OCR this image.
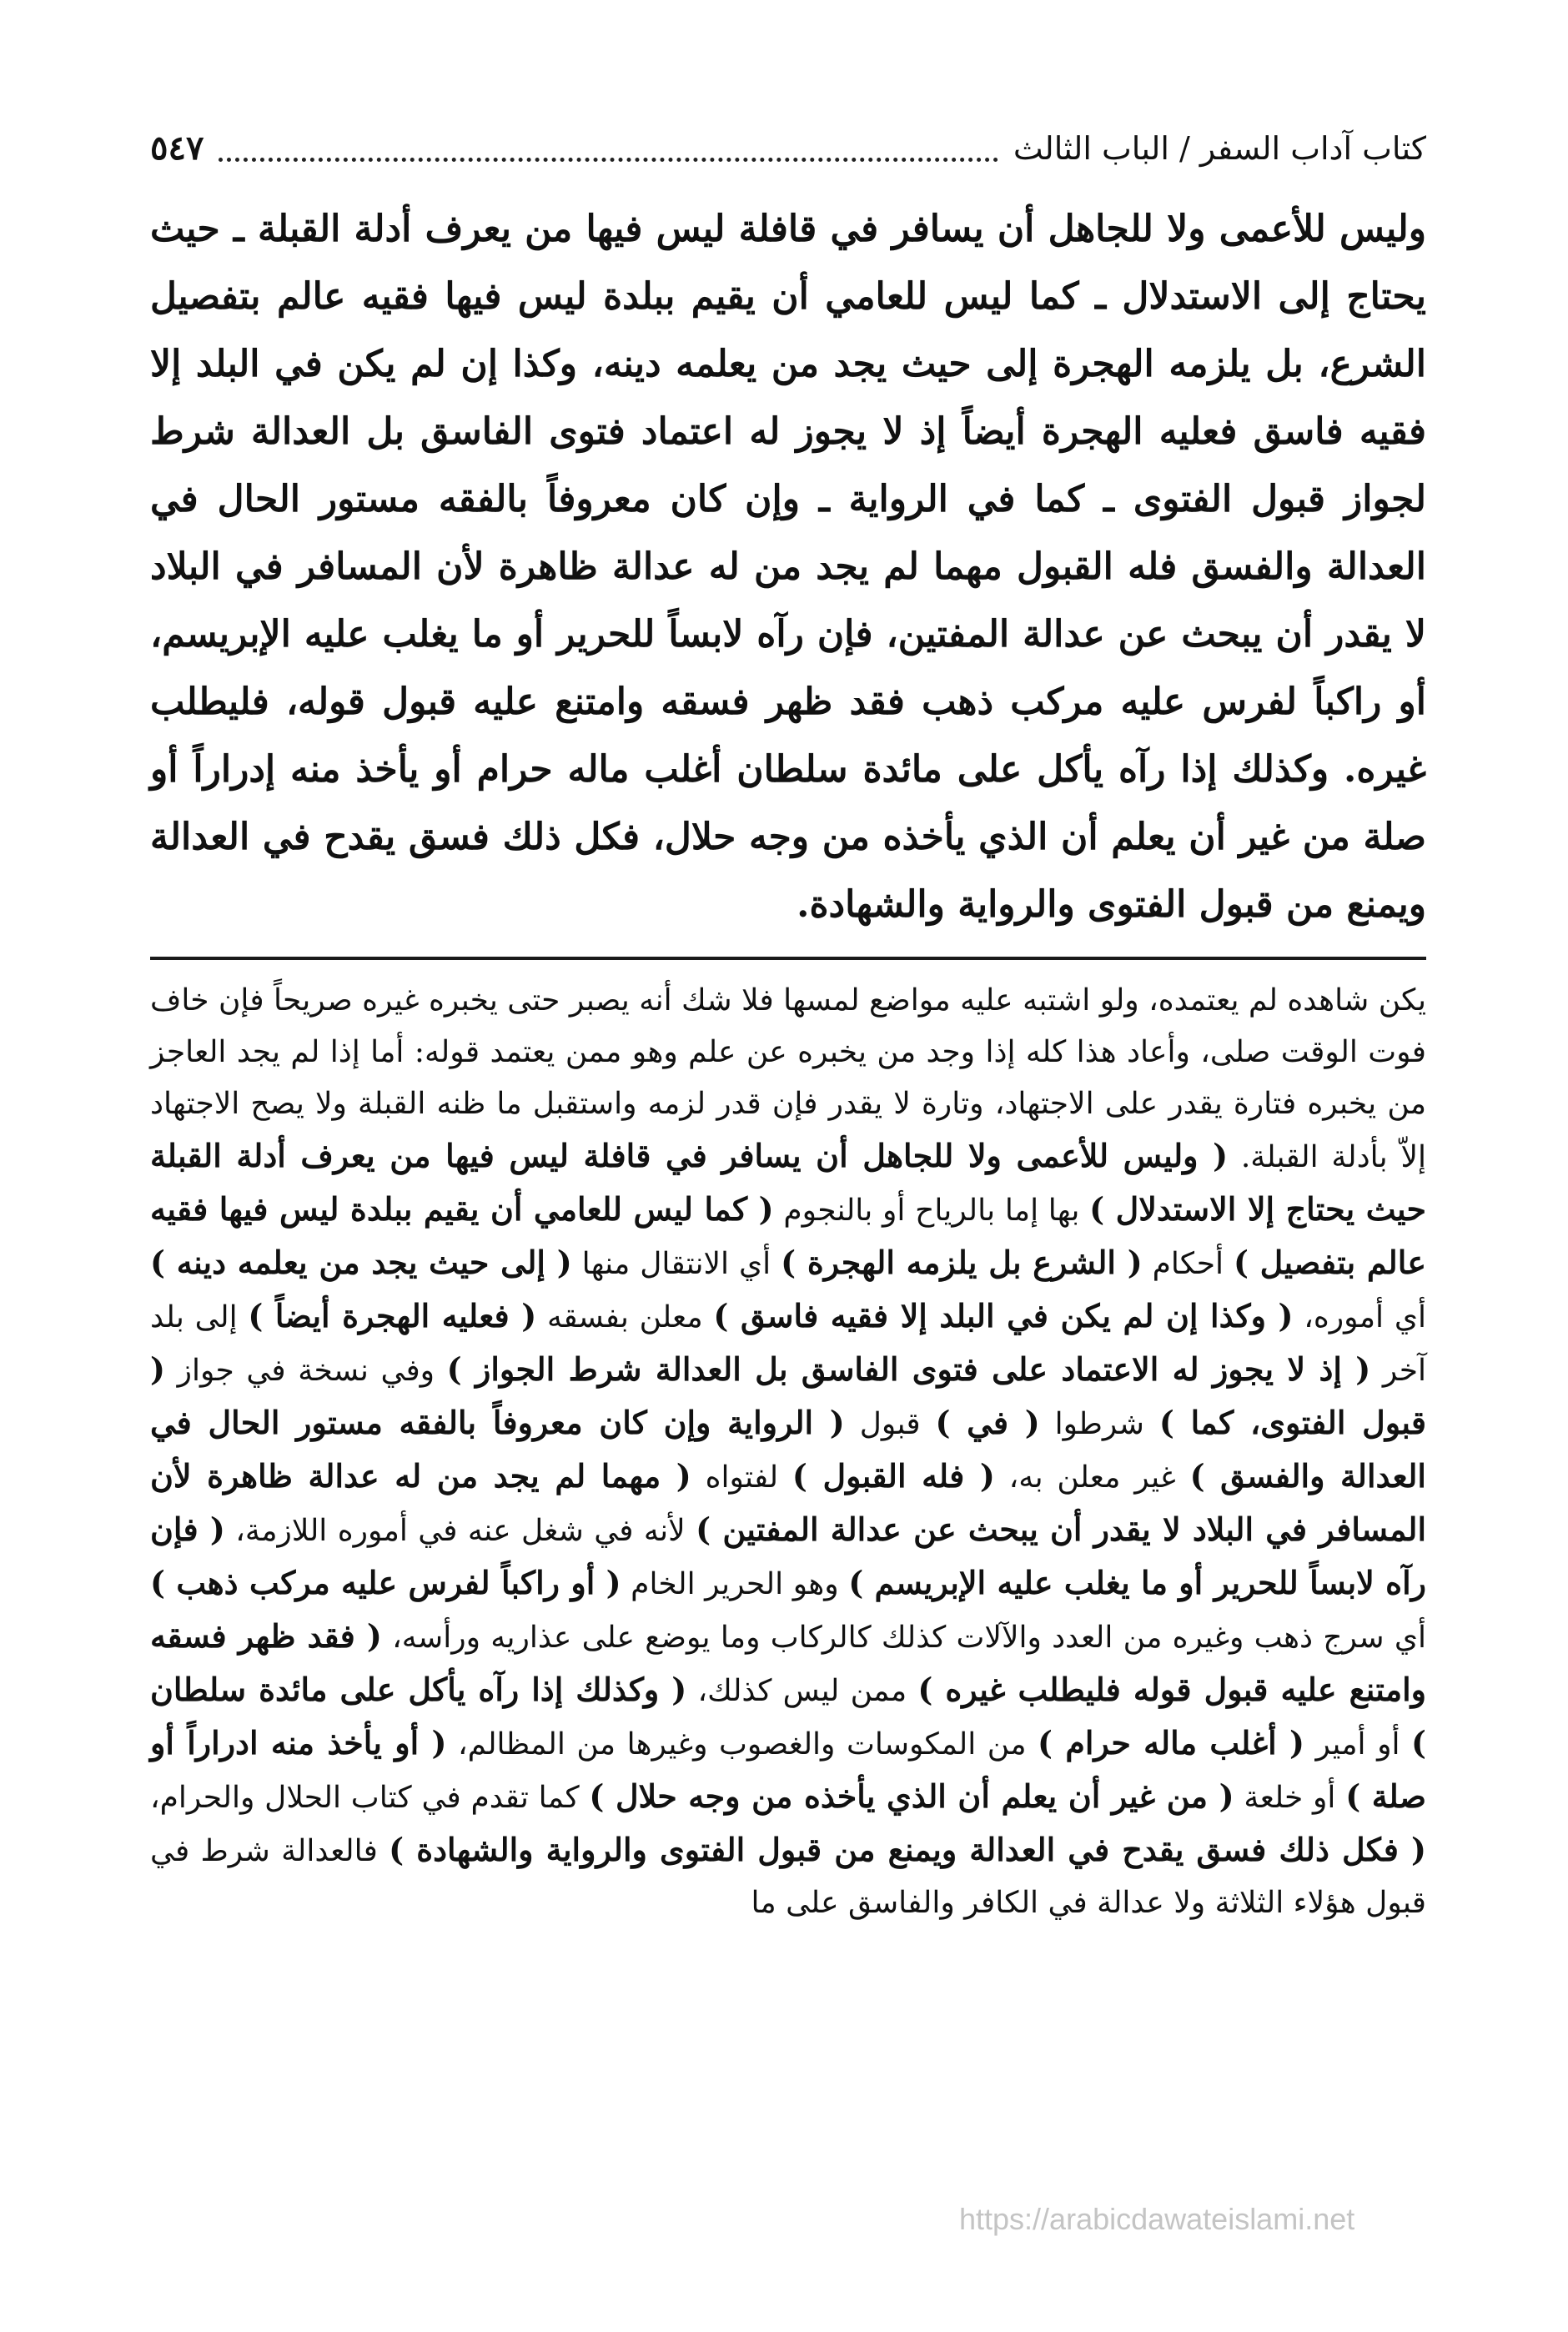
كتاب آداب السفر / الباب الثالث
٥٤٧

وليس للأعمى ولا للجاهل أن يسافر في قافلة ليس فيها من يعرف أدلة القبلة ـ حيث يحتاج إلى الاستدلال ـ كما ليس للعامي أن يقيم ببلدة ليس فيها فقيه عالم بتفصيل الشرع، بل يلزمه الهجرة إلى حيث يجد من يعلمه دينه، وكذا إن لم يكن في البلد إلا فقيه فاسق فعليه الهجرة أيضاً إذ لا يجوز له اعتماد فتوى الفاسق بل العدالة شرط لجواز قبول الفتوى ـ كما في الرواية ـ وإن كان معروفاً بالفقه مستور الحال في العدالة والفسق فله القبول مهما لم يجد من له عدالة ظاهرة لأن المسافر في البلاد لا يقدر أن يبحث عن عدالة المفتين، فإن رآه لابساً للحرير أو ما يغلب عليه الإبريسم، أو راكباً لفرس عليه مركب ذهب فقد ظهر فسقه وامتنع عليه قبول قوله، فليطلب غيره. وكذلك إذا رآه يأكل على مائدة سلطان أغلب ماله حرام أو يأخذ منه إدراراً أو صلة من غير أن يعلم أن الذي يأخذه من وجه حلال، فكل ذلك فسق يقدح في العدالة ويمنع من قبول الفتوى والرواية والشهادة.

يكن شاهده لم يعتمده، ولو اشتبه عليه مواضع لمسها فلا شك أنه يصبر حتى يخبره غيره صريحاً فإن خاف فوت الوقت صلى، وأعاد هذا كله إذا وجد من يخبره عن علم وهو ممن يعتمد قوله: أما إذا لم يجد العاجز من يخبره فتارة يقدر على الاجتهاد، وتارة لا يقدر فإن قدر لزمه واستقبل ما ظنه القبلة ولا يصح الاجتهاد إلاّ بأدلة القبلة. ( وليس للأعمى ولا للجاهل أن يسافر في قافلة ليس فيها من يعرف أدلة القبلة حيث يحتاج إلا الاستدلال ) بها إما بالرياح أو بالنجوم ( كما ليس للعامي أن يقيم ببلدة ليس فيها فقيه عالم بتفصيل ) أحكام ( الشرع بل يلزمه الهجرة ) أي الانتقال منها ( إلى حيث يجد من يعلمه دينه ) أي أموره، ( وكذا إن لم يكن في البلد إلا فقيه فاسق ) معلن بفسقه ( فعليه الهجرة أيضاً ) إلى بلد آخر ( إذ لا يجوز له الاعتماد على فتوى الفاسق بل العدالة شرط الجواز ) وفي نسخة في جواز ( قبول الفتوى، كما ) شرطوا ( في ) قبول ( الرواية وإن كان معروفاً بالفقه مستور الحال في العدالة والفسق ) غير معلن به، ( فله القبول ) لفتواه ( مهما لم يجد من له عدالة ظاهرة لأن المسافر في البلاد لا يقدر أن يبحث عن عدالة المفتين ) لأنه في شغل عنه في أموره اللازمة، ( فإن رآه لابساً للحرير أو ما يغلب عليه الإبريسم ) وهو الحرير الخام ( أو راكباً لفرس عليه مركب ذهب ) أي سرج ذهب وغيره من العدد والآلات كذلك كالركاب وما يوضع على عذاريه ورأسه، ( فقد ظهر فسقه وامتنع عليه قبول قوله فليطلب غيره ) ممن ليس كذلك، ( وكذلك إذا رآه يأكل على مائدة سلطان ) أو أمير ( أغلب ماله حرام ) من المكوسات والغصوب وغيرها من المظالم، ( أو يأخذ منه ادراراً أو صلة ) أو خلعة ( من غير أن يعلم أن الذي يأخذه من وجه حلال ) كما تقدم في كتاب الحلال والحرام، ( فكل ذلك فسق يقدح في العدالة ويمنع من قبول الفتوى والرواية والشهادة ) فالعدالة شرط في قبول هؤلاء الثلاثة ولا عدالة في الكافر والفاسق على ما

https://arabicdawateislami.net
